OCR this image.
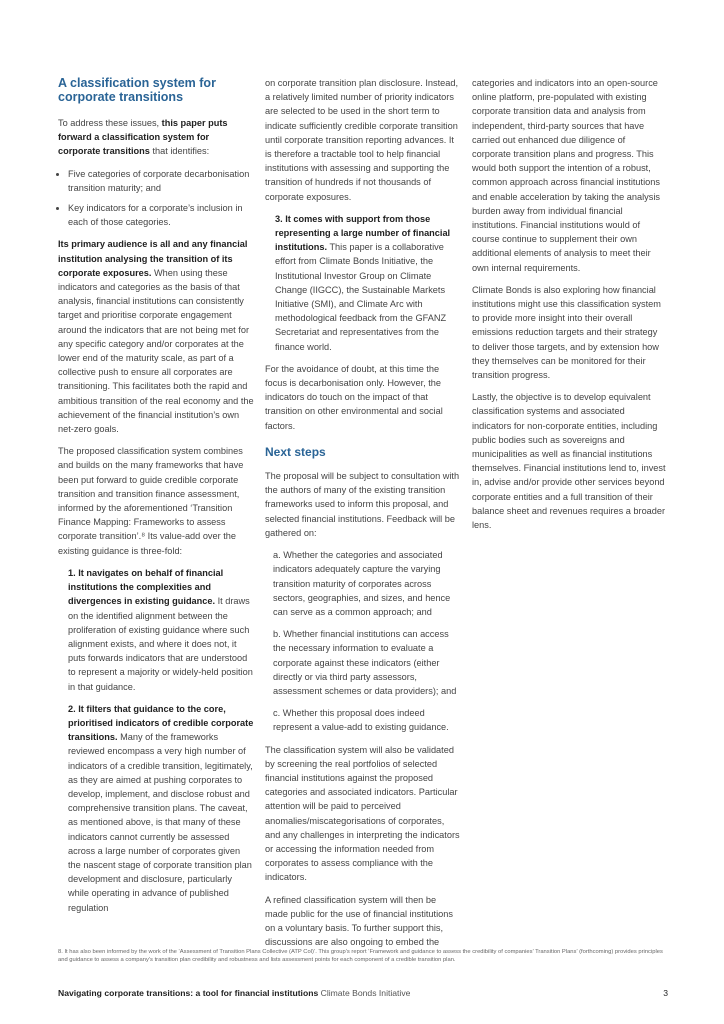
A classification system for corporate transitions

To address these issues, this paper puts forward a classification system for corporate transitions that identifies:

• Five categories of corporate decarbonisation transition maturity; and
• Key indicators for a corporate’s inclusion in each of those categories.

Its primary audience is all and any financial institution analysing the transition of its corporate exposures. When using these indicators and categories as the basis of that analysis, financial institutions can consistently target and prioritise corporate engagement around the indicators that are not being met for any specific category and/or corporates at the lower end of the maturity scale, as part of a collective push to ensure all corporates are transitioning. This facilitates both the rapid and ambitious transition of the real economy and the achievement of the financial institution’s own net-zero goals.

The proposed classification system combines and builds on the many frameworks that have been put forward to guide credible corporate transition and transition finance assessment, informed by the aforementioned ‘Transition Finance Mapping: Frameworks to assess corporate transition’.⁸ Its value-add over the existing guidance is three-fold:

1. It navigates on behalf of financial institutions the complexities and divergences in existing guidance. It draws on the identified alignment between the proliferation of existing guidance where such alignment exists, and where it does not, it puts forwards indicators that are understood to represent a majority or widely-held position in that guidance.

2. It filters that guidance to the core, prioritised indicators of credible corporate transitions. Many of the frameworks reviewed encompass a very high number of indicators of a credible transition, legitimately, as they are aimed at pushing corporates to develop, implement, and disclose robust and comprehensive transition plans. The caveat, as mentioned above, is that many of these indicators cannot currently be assessed across a large number of corporates given the nascent stage of corporate transition plan development and disclosure, particularly while operating in advance of published regulation

on corporate transition plan disclosure. Instead, a relatively limited number of priority indicators are selected to be used in the short term to indicate sufficiently credible corporate transition until corporate transition reporting advances. It is therefore a tractable tool to help financial institutions with assessing and supporting the transition of hundreds if not thousands of corporate exposures.

3. It comes with support from those representing a large number of financial institutions. This paper is a collaborative effort from Climate Bonds Initiative, the Institutional Investor Group on Climate Change (IIGCC), the Sustainable Markets Initiative (SMI), and Climate Arc with methodological feedback from the GFANZ Secretariat and representatives from the finance world.

For the avoidance of doubt, at this time the focus is decarbonisation only. However, the indicators do touch on the impact of that transition on other environmental and social factors.

Next steps

The proposal will be subject to consultation with the authors of many of the existing transition frameworks used to inform this proposal, and selected financial institutions. Feedback will be gathered on:

a. Whether the categories and associated indicators adequately capture the varying transition maturity of corporates across sectors, geographies, and sizes, and hence can serve as a common approach; and

b. Whether financial institutions can access the necessary information to evaluate a corporate against these indicators (either directly or via third party assessors, assessment schemes or data providers); and

c. Whether this proposal does indeed represent a value-add to existing guidance.

The classification system will also be validated by screening the real portfolios of selected financial institutions against the proposed categories and associated indicators. Particular attention will be paid to perceived anomalies/miscategorisations of corporates, and any challenges in interpreting the indicators or accessing the information needed from corporates to assess compliance with the indicators.

A refined classification system will then be made public for the use of financial institutions on a voluntary basis. To further support this, discussions are also ongoing to embed the

categories and indicators into an open-source online platform, pre-populated with existing corporate transition data and analysis from independent, third-party sources that have carried out enhanced due diligence of corporate transition plans and progress. This would both support the intention of a robust, common approach across financial institutions and enable acceleration by taking the analysis burden away from individual financial institutions. Financial institutions would of course continue to supplement their own additional elements of analysis to meet their own internal requirements.

Climate Bonds is also exploring how financial institutions might use this classification system to provide more insight into their overall emissions reduction targets and their strategy to deliver those targets, and by extension how they themselves can be monitored for their transition progress.

Lastly, the objective is to develop equivalent classification systems and associated indicators for non-corporate entities, including public bodies such as sovereigns and municipalities as well as financial institutions themselves. Financial institutions lend to, invest in, advise and/or provide other services beyond corporate entities and a full transition of their balance sheet and revenues requires a broader lens.

8. It has also been informed by the work of the ‘Assessment of Transition Plans Collective (ATP Col)’. This group’s report ‘Framework and guidance to assess the credibility of companies’ Transition Plans’ (forthcoming) provides principles and guidance to assess a company’s transition plan credibility and robustness and lists assessment points for each component of a credible transition plan.
Navigating corporate transitions: a tool for financial institutions Climate Bonds Initiative	3
